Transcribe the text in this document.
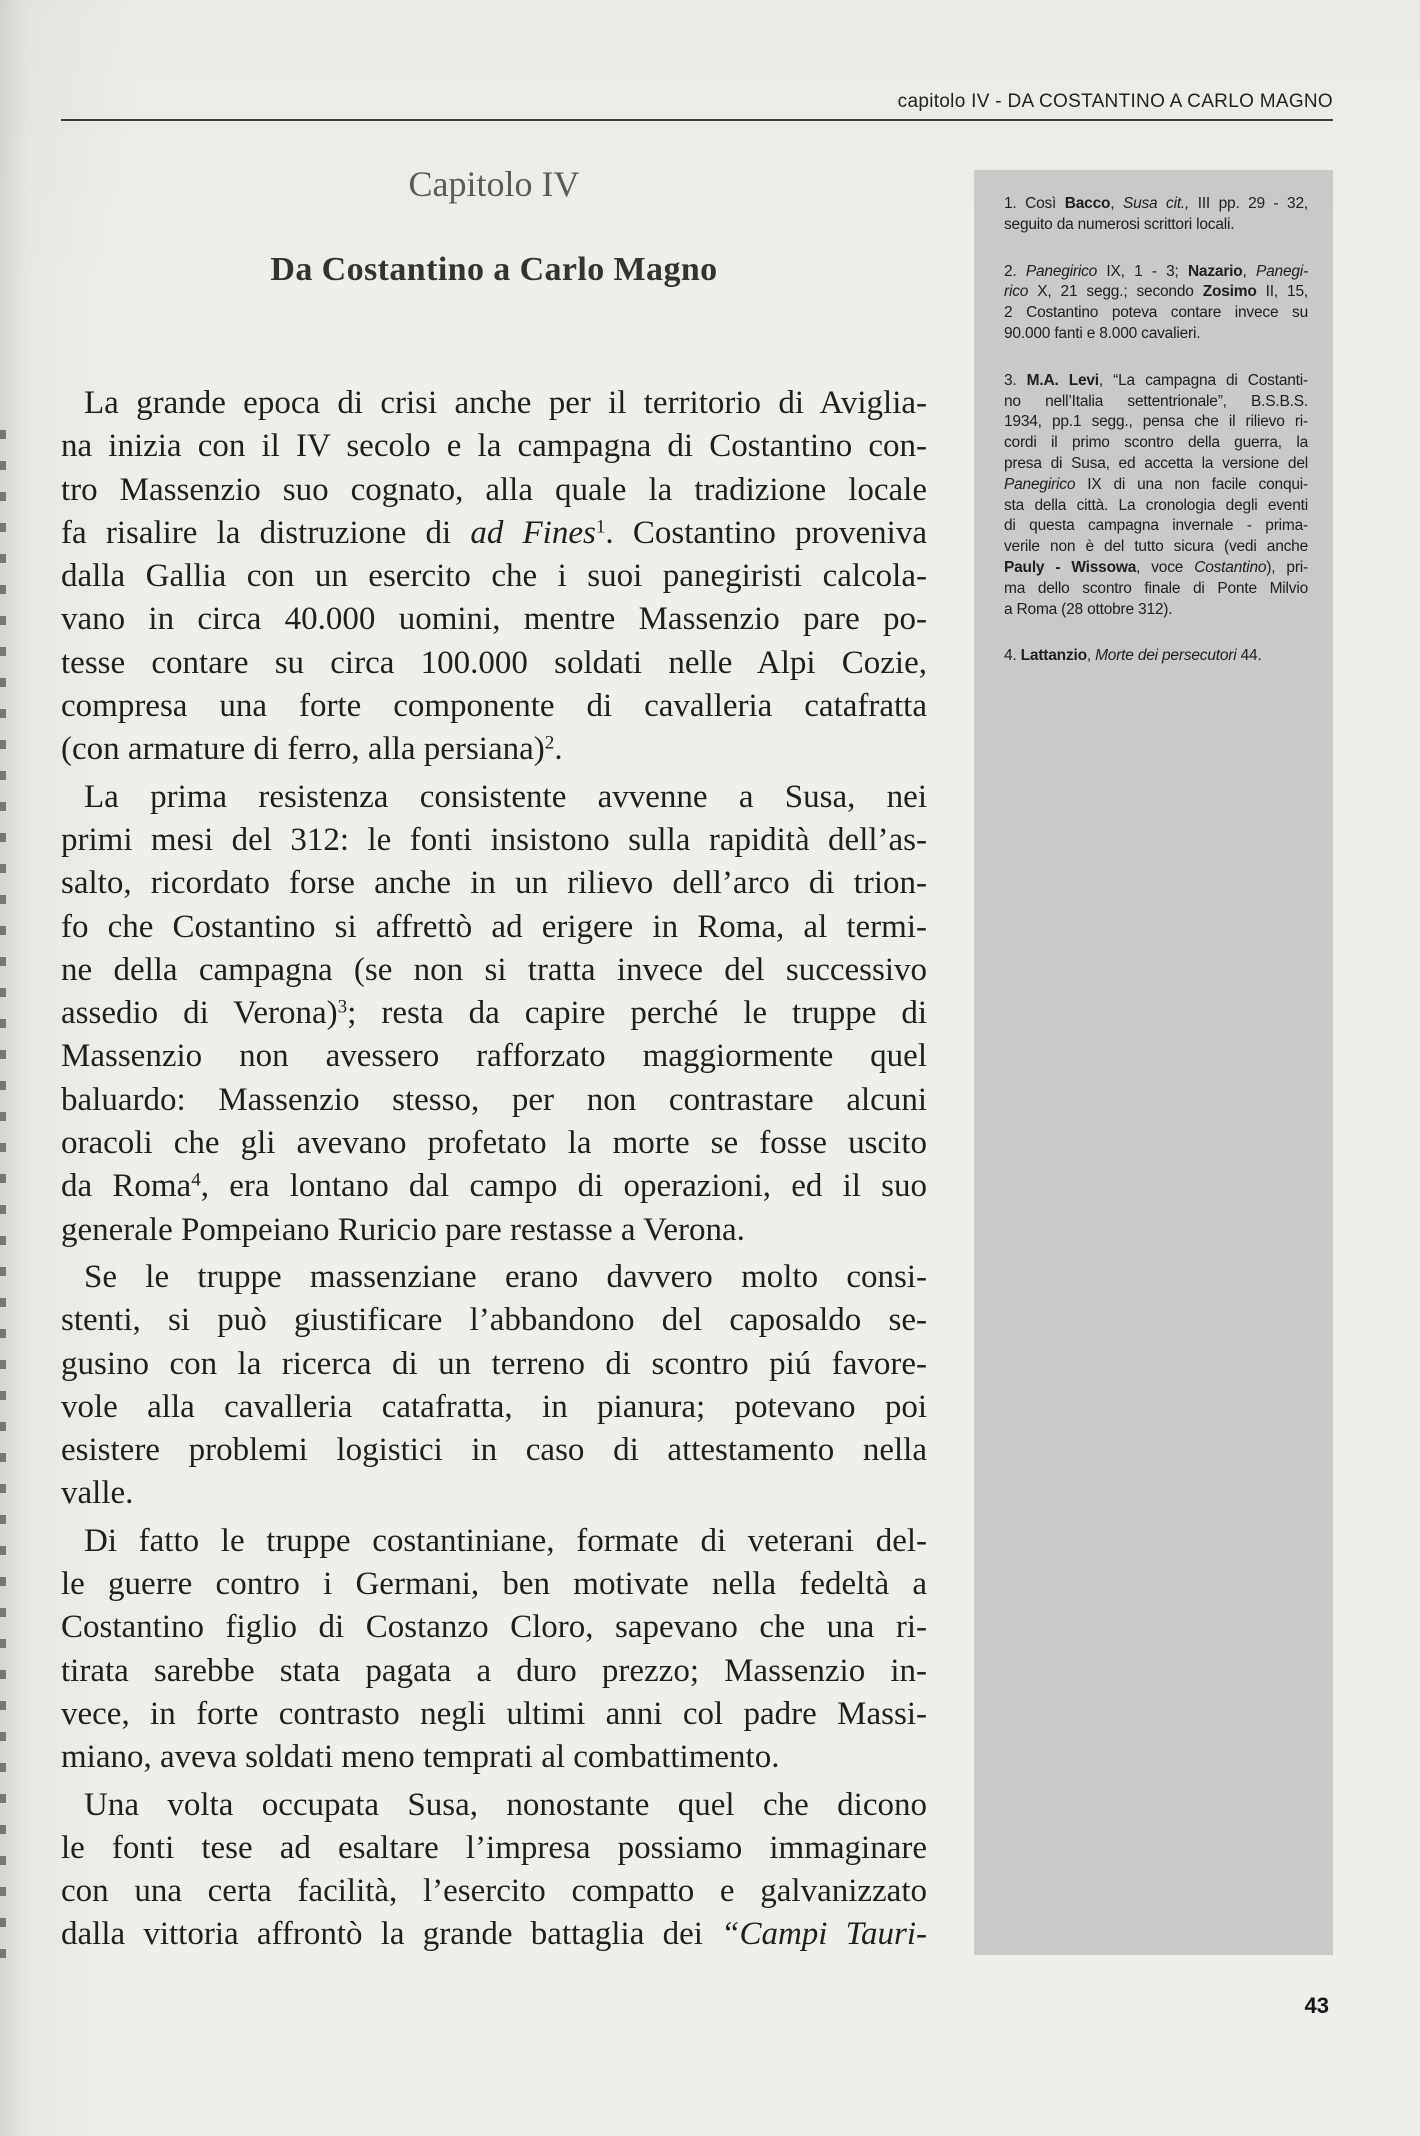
capitolo IV - DA COSTANTINO A CARLO MAGNO
Capitolo IV
Da Costantino a Carlo Magno
La grande epoca di crisi anche per il territorio di Aviglia-
na inizia con il IV secolo e la campagna di Costantino con-
tro Massenzio suo cognato, alla quale la tradizione locale
fa risalire la distruzione di ad Fines$^1$. Costantino proveniva
dalla Gallia con un esercito che i suoi panegiristi calcola-
vano in circa 40.000 uomini, mentre Massenzio pare po-
tesse contare su circa 100.000 soldati nelle Alpi Cozie,
compresa una forte componente di cavalleria catafratta
(con armature di ferro, alla persiana)$^2$.
La prima resistenza consistente avvenne a Susa, nei
primi mesi del 312: le fonti insistono sulla rapidità dell’as-
salto, ricordato forse anche in un rilievo dell’arco di trion-
fo che Costantino si affrettò ad erigere in Roma, al termi-
ne della campagna (se non si tratta invece del successivo
assedio di Verona)$^3$; resta da capire perché le truppe di
Massenzio non avessero rafforzato maggiormente quel
baluardo: Massenzio stesso, per non contrastare alcuni
oracoli che gli avevano profetato la morte se fosse uscito
da Roma$^4$, era lontano dal campo di operazioni, ed il suo
generale Pompeiano Ruricio pare restasse a Verona.
Se le truppe massenziane erano davvero molto consi-
stenti, si può giustificare l’abbandono del caposaldo se-
gusino con la ricerca di un terreno di scontro piú favore-
vole alla cavalleria catafratta, in pianura; potevano poi
esistere problemi logistici in caso di attestamento nella
valle.
Di fatto le truppe costantiniane, formate di veterani del-
le guerre contro i Germani, ben motivate nella fedeltà a
Costantino figlio di Costanzo Cloro, sapevano che una ri-
tirata sarebbe stata pagata a duro prezzo; Massenzio in-
vece, in forte contrasto negli ultimi anni col padre Massi-
miano, aveva soldati meno temprati al combattimento.
Una volta occupata Susa, nonostante quel che dicono
le fonti tese ad esaltare l’impresa possiamo immaginare
con una certa facilità, l’esercito compatto e galvanizzato
dalla vittoria affrontò la grande battaglia dei “Campi Tauri-
1. Così Bacco, Susa cit., III pp. 29 - 32,
seguito da numerosi scrittori locali.
2. Panegirico IX, 1 - 3; Nazario, Panegi-
rico X, 21 segg.; secondo Zosimo II, 15,
2 Costantino poteva contare invece su
90.000 fanti e 8.000 cavalieri.
3. M.A. Levi, “La campagna di Costanti-
no nell’Italia settentrionale”, B.S.B.S.
1934, pp.1 segg., pensa che il rilievo ri-
cordi il primo scontro della guerra, la
presa di Susa, ed accetta la versione del
Panegirico IX di una non facile conqui-
sta della città. La cronologia degli eventi
di questa campagna invernale - prima-
verile non è del tutto sicura (vedi anche
Pauly - Wissowa, voce Costantino), pri-
ma dello scontro finale di Ponte Milvio
a Roma (28 ottobre 312).
4. Lattanzio, Morte dei persecutori 44.
43
